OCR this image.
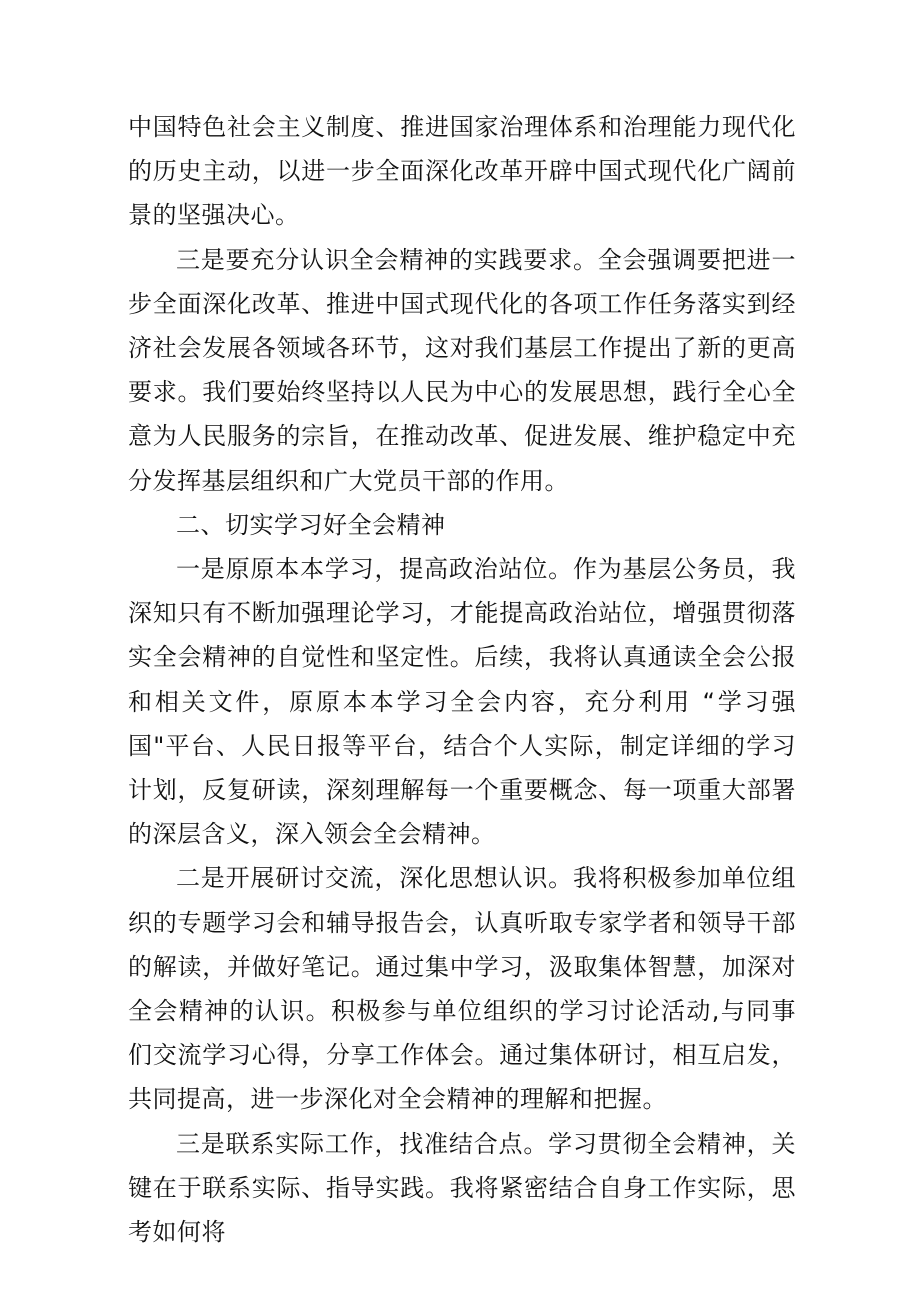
中国特色社会主义制度、推进国家治理体系和治理能力现代化的历史主动，以进一步全面深化改革开辟中国式现代化广阔前景的坚强决心。

三是要充分认识全会精神的实践要求。全会强调要把进一步全面深化改革、推进中国式现代化的各项工作任务落实到经济社会发展各领域各环节，这对我们基层工作提出了新的更高要求。我们要始终坚持以人民为中心的发展思想，践行全心全意为人民服务的宗旨，在推动改革、促进发展、维护稳定中充分发挥基层组织和广大党员干部的作用。

二、切实学习好全会精神

一是原原本本学习，提高政治站位。作为基层公务员，我深知只有不断加强理论学习，才能提高政治站位，增强贯彻落实全会精神的自觉性和坚定性。后续，我将认真通读全会公报和相关文件，原原本本学习全会内容，充分利用 “学习强国"平台、人民日报等平台，结合个人实际，制定详细的学习计划，反复研读，深刻理解每一个重要概念、每一项重大部署的深层含义，深入领会全会精神。

二是开展研讨交流，深化思想认识。我将积极参加单位组织的专题学习会和辅导报告会，认真听取专家学者和领导干部的解读，并做好笔记。通过集中学习，汲取集体智慧，加深对全会精神的认识。积极参与单位组织的学习讨论活动,与同事们交流学习心得，分享工作体会。通过集体研讨，相互启发，共同提高，进一步深化对全会精神的理解和把握。

三是联系实际工作，找准结合点。学习贯彻全会精神，关键在于联系实际、指导实践。我将紧密结合自身工作实际，思考如何将
